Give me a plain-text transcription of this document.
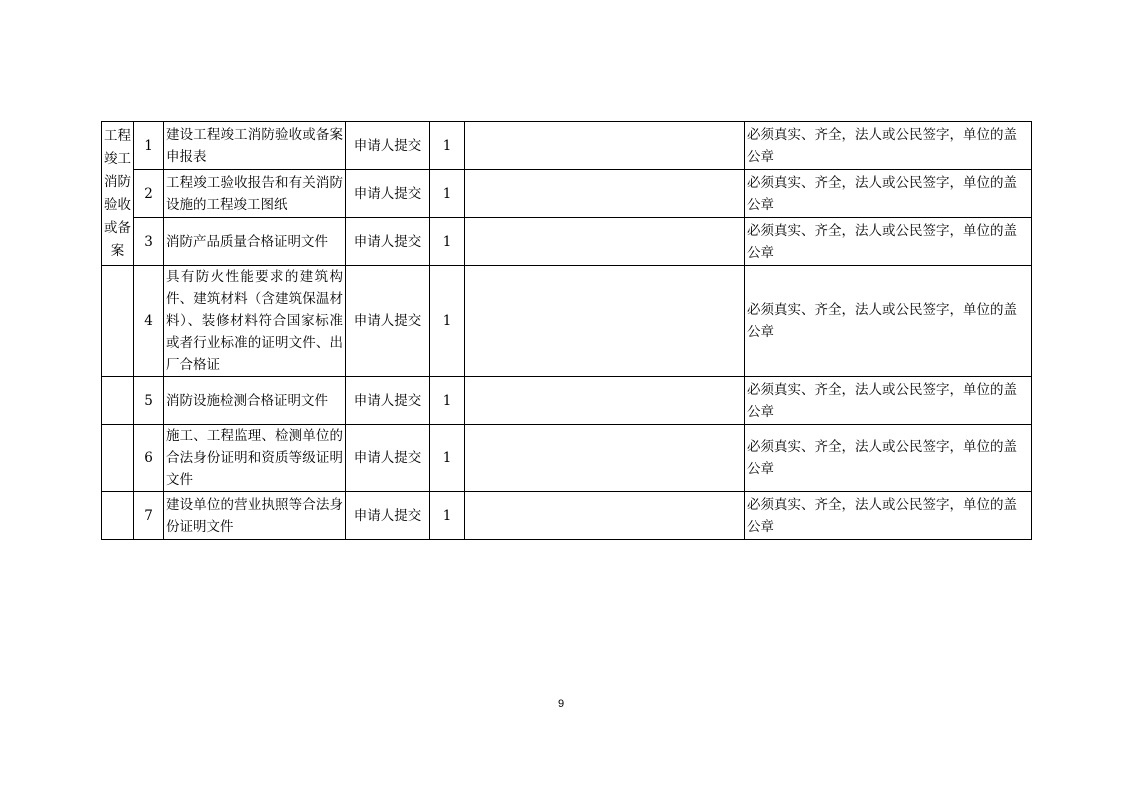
工程竣工消防验收或备案	1	建设工程竣工消防验收或备案申报表	申请人提交	1		必须真实、齐全，法人或公民签字，单位的盖公章
	2	工程竣工验收报告和有关消防设施的工程竣工图纸	申请人提交	1		必须真实、齐全，法人或公民签字，单位的盖公章
	3	消防产品质量合格证明文件	申请人提交	1		必须真实、齐全，法人或公民签字，单位的盖公章
	4	具有防火性能要求的建筑构件、建筑材料（含建筑保温材料）、装修材料符合国家标准或者行业标准的证明文件、出厂合格证	申请人提交	1		必须真实、齐全，法人或公民签字，单位的盖公章
	5	消防设施检测合格证明文件	申请人提交	1		必须真实、齐全，法人或公民签字，单位的盖公章
	6	施工、工程监理、检测单位的合法身份证明和资质等级证明文件	申请人提交	1		必须真实、齐全，法人或公民签字，单位的盖公章
	7	建设单位的营业执照等合法身份证明文件	申请人提交	1		必须真实、齐全，法人或公民签字，单位的盖公章
9
